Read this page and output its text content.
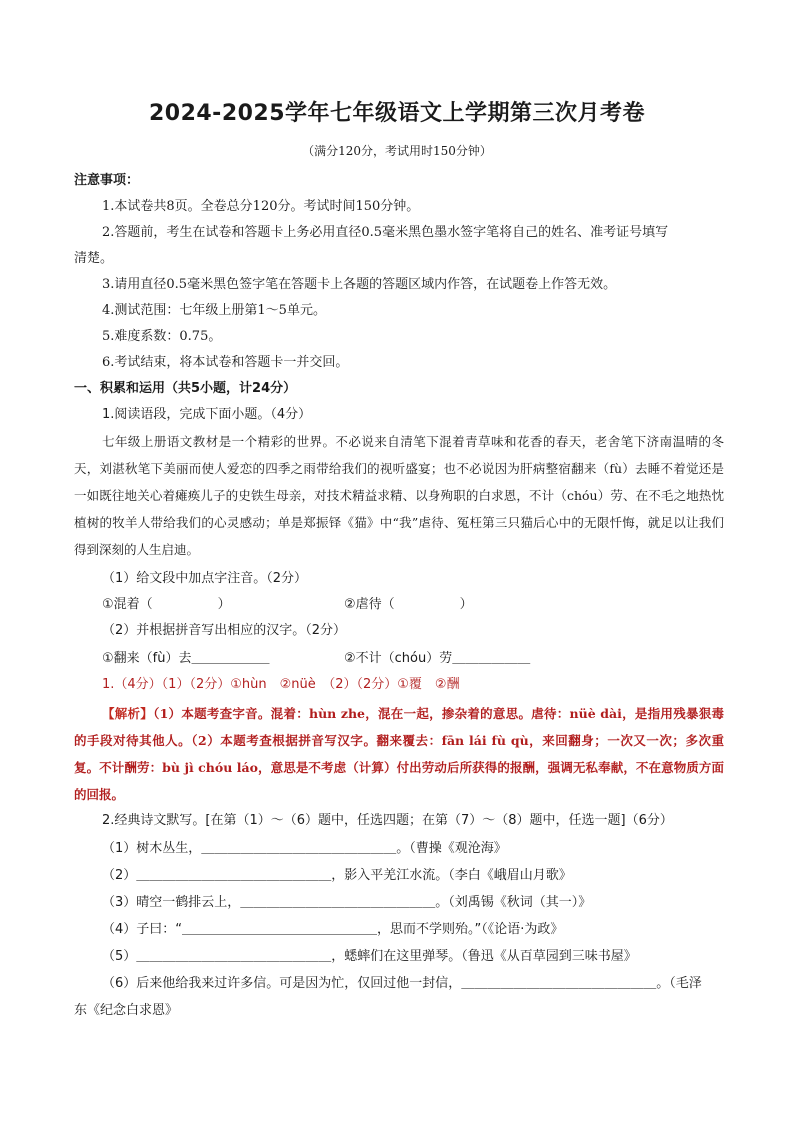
2024-2025学年七年级语文上学期第三次月考卷
（满分120分，考试用时150分钟）
注意事项：
1.本试卷共8页。全卷总分120分。考试时间150分钟。
2.答题前，考生在试卷和答题卡上务必用直径0.5毫米黑色墨水签字笔将自己的姓名、准考证号填写
清楚。
3.请用直径0.5毫米黑色签字笔在答题卡上各题的答题区域内作答，在试题卷上作答无效。
4.测试范围：七年级上册第1～5单元。
5.难度系数：0.75。
6.考试结束，将本试卷和答题卡一并交回。
一、积累和运用（共5小题，计24分）
1.阅读语段，完成下面小题。（4分）
七年级上册语文教材是一个精彩的世界。不必说来自清笔下混着青草味和花香的春天，老舍笔下济南温晴的冬天，刘湛秋笔下美丽而使人爱恋的四季之雨带给我们的视听盛宴；也不必说因为肝病整宿翻来（fù）去睡不着觉还是一如既往地关心着瘫痪儿子的史铁生母亲，对技术精益求精、以身殉职的白求恩，不计（chóu）劳、在不毛之地热忱植树的牧羊人带给我们的心灵感动；单是郑振铎《猫》中“我”虐待、冤枉第三只猫后心中的无限忏悔，就足以让我们得到深刻的人生启迪。
（1）给文段中加点字注音。（2分）
①混着（　　　　　）	②虐待（　　　　　）
（2）并根据拼音写出相应的汉字。（2分）
①翻来（fù）去＿＿＿＿＿＿	②不计（chóu）劳＿＿＿＿＿＿
1.（4分）（1）（2分）①hùn　②nüè　（2）（2分）①覆　②酬
【解析】（1）本题考查字音。混着：hùn zhe，混在一起，掺杂着的意思。虐待：nüè dài，是指用残暴狠毒的手段对待其他人。（2）本题考查根据拼音写汉字。翻来覆去：fān lái fù qù，来回翻身；一次又一次；多次重复。不计酬劳：bù jì chóu láo，意思是不考虑（计算）付出劳动后所获得的报酬，强调无私奉献，不在意物质方面的回报。
2.经典诗文默写。[在第（1）～（6）题中，任选四题；在第（7）～（8）题中，任选一题]（6分）
（1）树木丛生，＿＿＿＿＿＿＿＿＿＿＿＿＿＿＿。（曹操《观沧海》
（2）＿＿＿＿＿＿＿＿＿＿＿＿＿＿＿，影入平羌江水流。（李白《峨眉山月歌》
（3）晴空一鹤排云上，＿＿＿＿＿＿＿＿＿＿＿＿＿＿＿。（刘禹锡《秋词（其一）》
（4）子曰：“＿＿＿＿＿＿＿＿＿＿＿＿＿＿＿，思而不学则殆。”（《论语·为政》
（5）＿＿＿＿＿＿＿＿＿＿＿＿＿＿＿，蟋蟀们在这里弹琴。（鲁迅《从百草园到三味书屋》
（6）后来他给我来过许多信。可是因为忙，仅回过他一封信，＿＿＿＿＿＿＿＿＿＿＿＿＿＿＿。（毛泽
东《纪念白求恩》
